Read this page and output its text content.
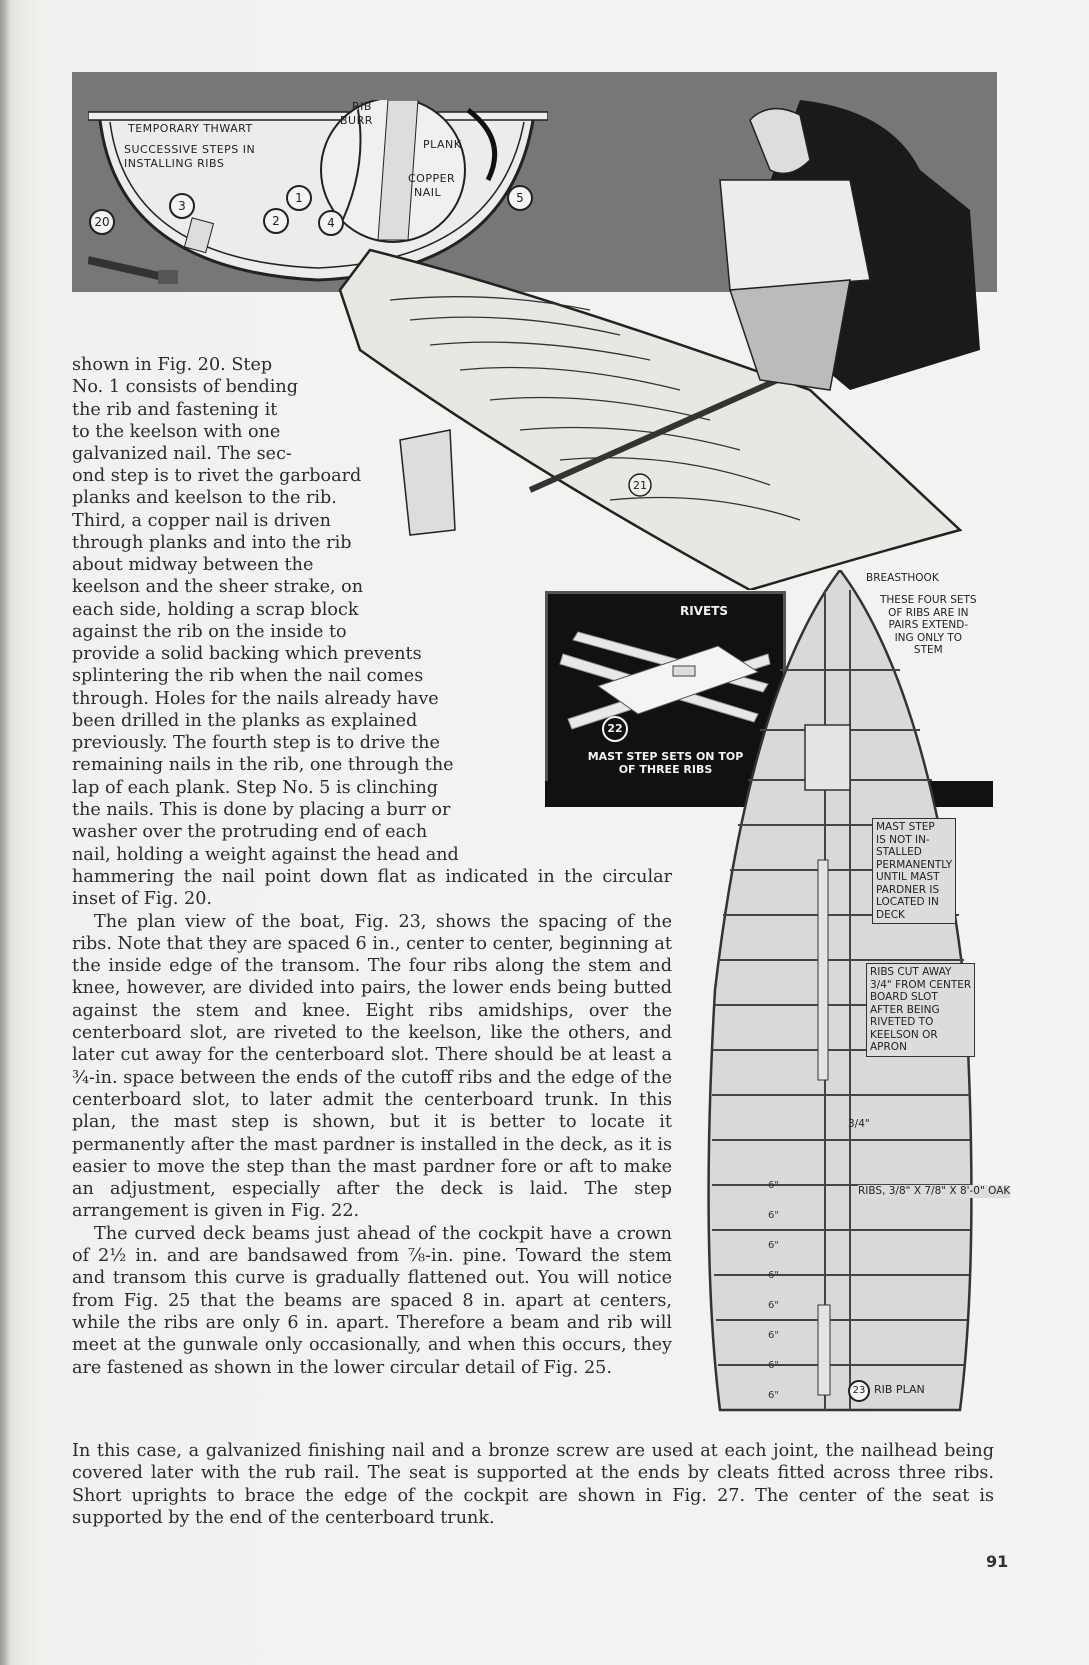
TEMPORARY THWART
SUCCESSIVE STEPS IN
INSTALLING RIBS
RIB
BURR
PLANK
COPPER
NAIL
20
1
2
3
4
5
21
RIVETS
22
MAST STEP SETS ON TOP
OF THREE RIBS
BREASTHOOK
THESE FOUR SETS
OF RIBS ARE IN
PAIRS EXTEND-
ING ONLY TO
STEM
MAST STEP
IS NOT IN-
STALLED
PERMANENTLY
UNTIL MAST
PARDNER IS
LOCATED IN
DECK
RIBS CUT AWAY
3/4" FROM CENTER
BOARD SLOT
AFTER BEING
RIVETED TO
KEELSON OR
APRON
3/4"
RIBS, 3/8" X 7/8" X 8'-0" OAK
6"
6"
6"
6"
6"
6"
6"
6"	23 RIB PLAN
shown in Fig. 20. Step
No. 1 consists of bending
the rib and fastening it
to the keelson with one
galvanized nail. The sec-
ond step is to rivet the garboard
planks and keelson to the rib.
Third, a copper nail is driven
through planks and into the rib
about midway between the
keelson and the sheer strake, on
each side, holding a scrap block
against the rib on the inside to
provide a solid backing which prevents
splintering the rib when the nail comes
through. Holes for the nails already have
been drilled in the planks as explained
previously. The fourth step is to drive the
remaining nails in the rib, one through the
lap of each plank. Step No. 5 is clinching
the nails. This is done by placing a burr or
washer over the protruding end of each
nail, holding a weight against the head and

hammering the nail point down flat as indicated in the circular inset of Fig. 20.

The plan view of the boat, Fig. 23, shows the spacing of the ribs. Note that they are spaced 6 in., center to center, beginning at the inside edge of the transom. The four ribs along the stem and knee, however, are divided into pairs, the lower ends being butted against the stem and knee. Eight ribs amidships, over the centerboard slot, are riveted to the keelson, like the others, and later cut away for the centerboard slot. There should be at least a ¾-in. space between the ends of the cutoff ribs and the edge of the centerboard slot, to later admit the centerboard trunk. In this plan, the mast step is shown, but it is better to locate it permanently after the mast pardner is installed in the deck, as it is easier to move the step than the mast pardner fore or aft to make an adjustment, especially after the deck is laid. The step arrangement is given in Fig. 22.

The curved deck beams just ahead of the cockpit have a crown of 2½ in. and are bandsawed from ⅞-in. pine. Toward the stem and transom this curve is gradually flattened out. You will notice from Fig. 25 that the beams are spaced 8 in. apart at centers, while the ribs are only 6 in. apart. Therefore a beam and rib will meet at the gunwale only occasionally, and when this occurs, they are fastened as shown in the lower circular detail of Fig. 25.

In this case, a galvanized finishing nail and a bronze screw are used at each joint, the nailhead being covered later with the rub rail. The seat is supported at the ends by cleats fitted across three ribs. Short uprights to brace the edge of the cockpit are shown in Fig. 27. The center of the seat is supported by the end of the centerboard trunk.

91
